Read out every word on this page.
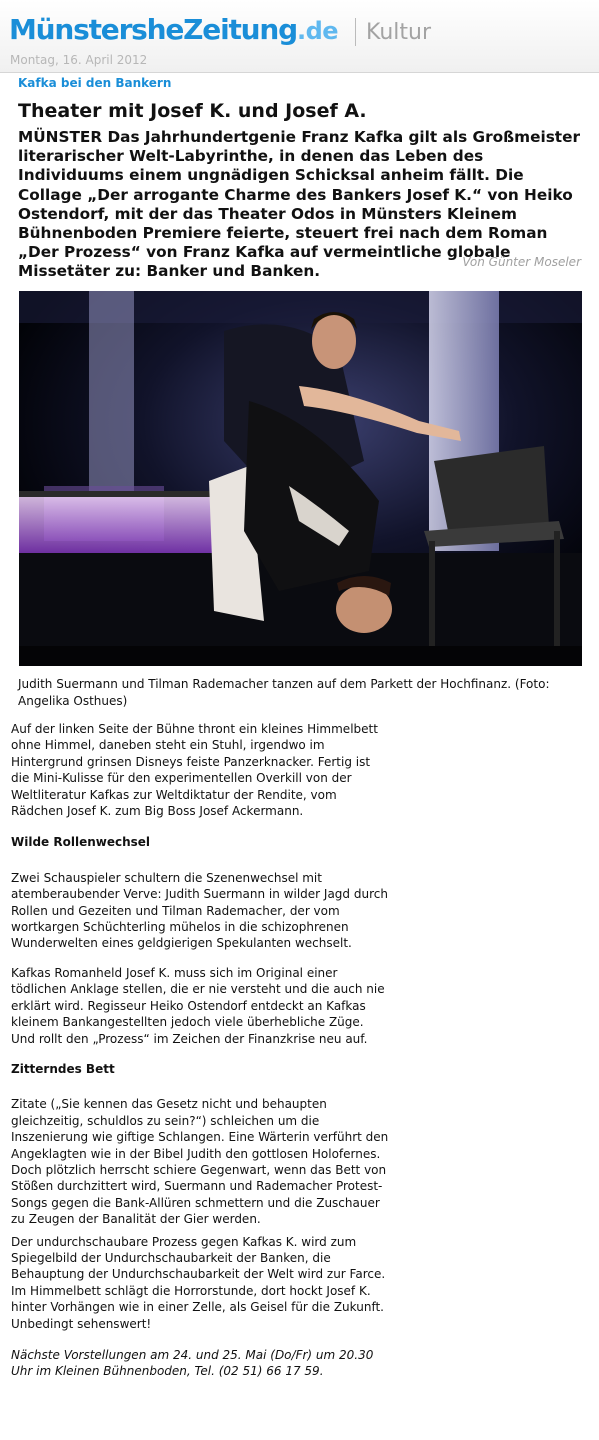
MünstersheZeitung.de Kultur
Montag, 16. April 2012
Kafka bei den Bankern
Theater mit Josef K. und Josef A.

MÜNSTER Das Jahrhundertgenie Franz Kafka gilt als Großmeister literarischer Welt-Labyrinthe, in denen das Leben des Individuums einem ungnädigen Schicksal anheim fällt. Die Collage „Der arrogante Charme des Bankers Josef K.“ von Heiko Ostendorf, mit der das Theater Odos in Münsters Kleinem Bühnenboden Premiere feierte, steuert frei nach dem Roman „Der Prozess“ von Franz Kafka auf vermeintliche globale Missetäter zu: Banker und Banken.

Von Günter Moseler

Judith Suermann und Tilman Rademacher tanzen auf dem Parkett der Hochfinanz. (Foto: Angelika Osthues)

Auf der linken Seite der Bühne thront ein kleines Himmelbett ohne Himmel, daneben steht ein Stuhl, irgendwo im Hintergrund grinsen Disneys feiste Panzerknacker. Fertig ist die Mini-Kulisse für den experimentellen Overkill von der Weltliteratur Kafkas zur Weltdiktatur der Rendite, vom Rädchen Josef K. zum Big Boss Josef Ackermann.

Wilde Rollenwechsel

Zwei Schauspieler schultern die Szenenwechsel mit atemberaubender Verve: Judith Suermann in wilder Jagd durch Rollen und Gezeiten und Tilman Rademacher, der vom wortkargen Schüchterling mühelos in die schizophrenen Wunderwelten eines geldgierigen Spekulanten wechselt.

Kafkas Romanheld Josef K. muss sich im Original einer tödlichen Anklage stellen, die er nie versteht und die auch nie erklärt wird. Regisseur Heiko Ostendorf entdeckt an Kafkas kleinem Bankangestellten jedoch viele überhebliche Züge. Und rollt den „Prozess“ im Zeichen der Finanzkrise neu auf.

Zitterndes Bett

Zitate („Sie kennen das Gesetz nicht und behaupten gleichzeitig, schuldlos zu sein?“) schleichen um die Inszenierung wie giftige Schlangen. Eine Wärterin verführt den Angeklagten wie in der Bibel Judith den gottlosen Holofernes. Doch plötzlich herrscht schiere Gegenwart, wenn das Bett von Stößen durchzittert wird, Suermann und Rademacher Protest-Songs gegen die Bank-Allüren schmettern und die Zuschauer zu Zeugen der Banalität der Gier werden.

Der undurchschaubare Prozess gegen Kafkas K. wird zum Spiegelbild der Undurchschaubarkeit der Banken, die Behauptung der Undurchschaubarkeit der Welt wird zur Farce. Im Himmelbett schlägt die Horrorstunde, dort hockt Josef K. hinter Vorhängen wie in einer Zelle, als Geisel für die Zukunft. Unbedingt sehenswert!

Nächste Vorstellungen am 24. und 25. Mai (Do/Fr) um 20.30 Uhr im Kleinen Bühnenboden, Tel. (02 51) 66 17 59.
